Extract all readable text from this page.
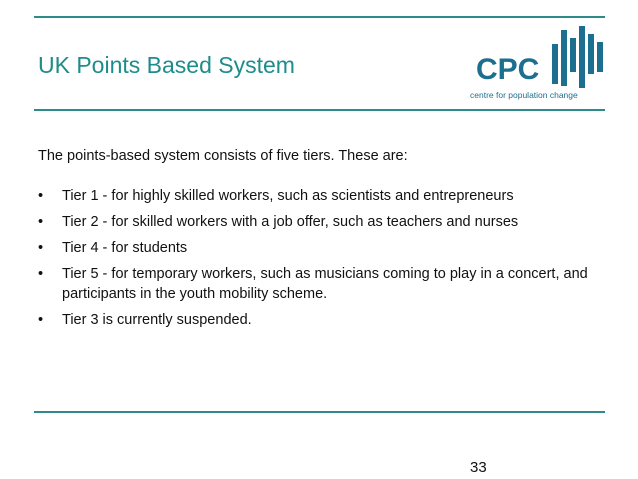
UK Points Based System	CPC
centre for population change

The points-based system consists of five tiers. These are:

• Tier 1 - for highly skilled workers, such as scientists and entrepreneurs
• Tier 2 - for skilled workers with a job offer, such as teachers and nurses
• Tier 4 - for students
• Tier 5 - for temporary workers, such as musicians coming to play in a concert, and participants in the youth mobility scheme.
• Tier 3 is currently suspended.
33
